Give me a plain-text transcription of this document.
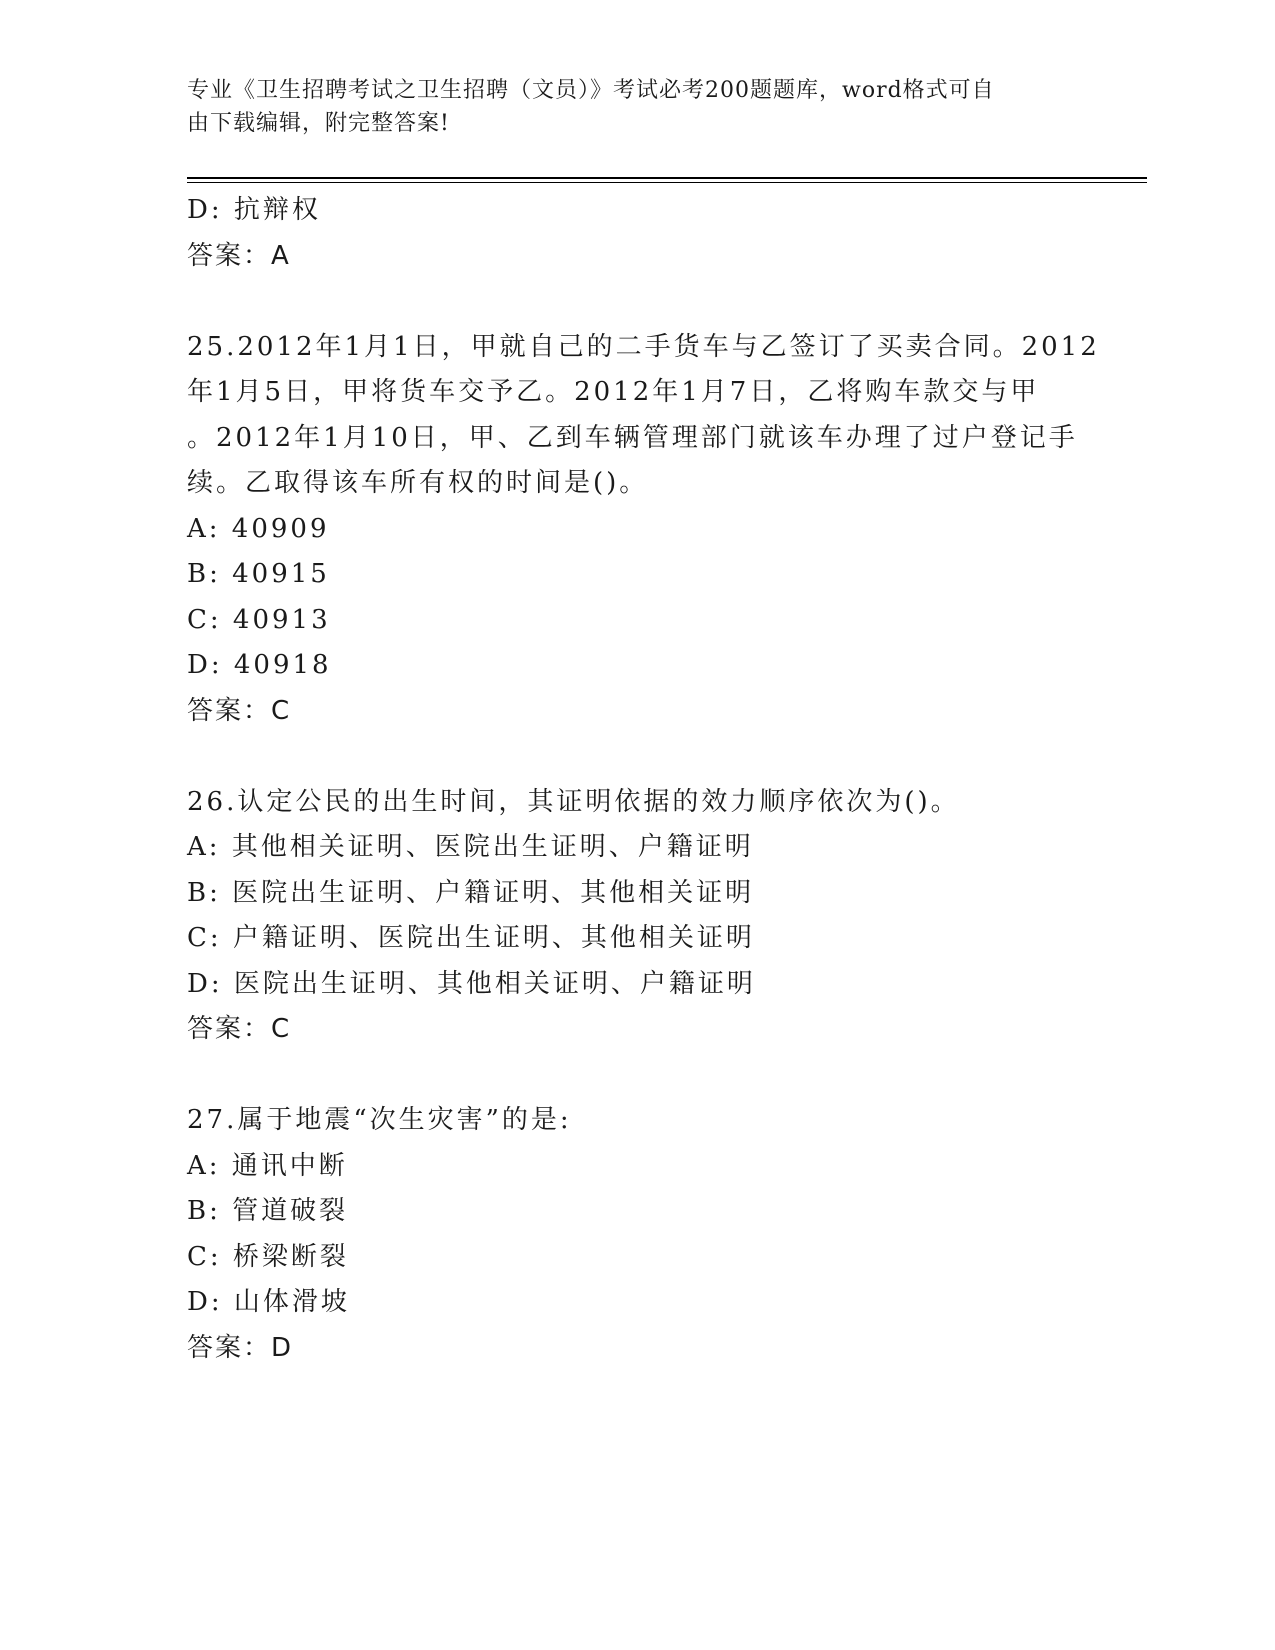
专业《卫生招聘考试之卫生招聘（文员）》考试必考200题题库，word格式可自
由下载编辑，附完整答案!
D: 抗辩权
答案：A
25.2012年1月1日，甲就自己的二手货车与乙签订了买卖合同。2012
年1月5日，甲将货车交予乙。2012年1月7日，乙将购车款交与甲
。2012年1月10日，甲、乙到车辆管理部门就该车办理了过户登记手
续。乙取得该车所有权的时间是()。
A: 40909
B: 40915
C: 40913
D: 40918
答案：C
26.认定公民的出生时间，其证明依据的效力顺序依次为()。
A: 其他相关证明、医院出生证明、户籍证明
B: 医院出生证明、户籍证明、其他相关证明
C: 户籍证明、医院出生证明、其他相关证明
D: 医院出生证明、其他相关证明、户籍证明
答案：C
27.属于地震“次生灾害”的是:
A: 通讯中断
B: 管道破裂
C: 桥梁断裂
D: 山体滑坡
答案：D
